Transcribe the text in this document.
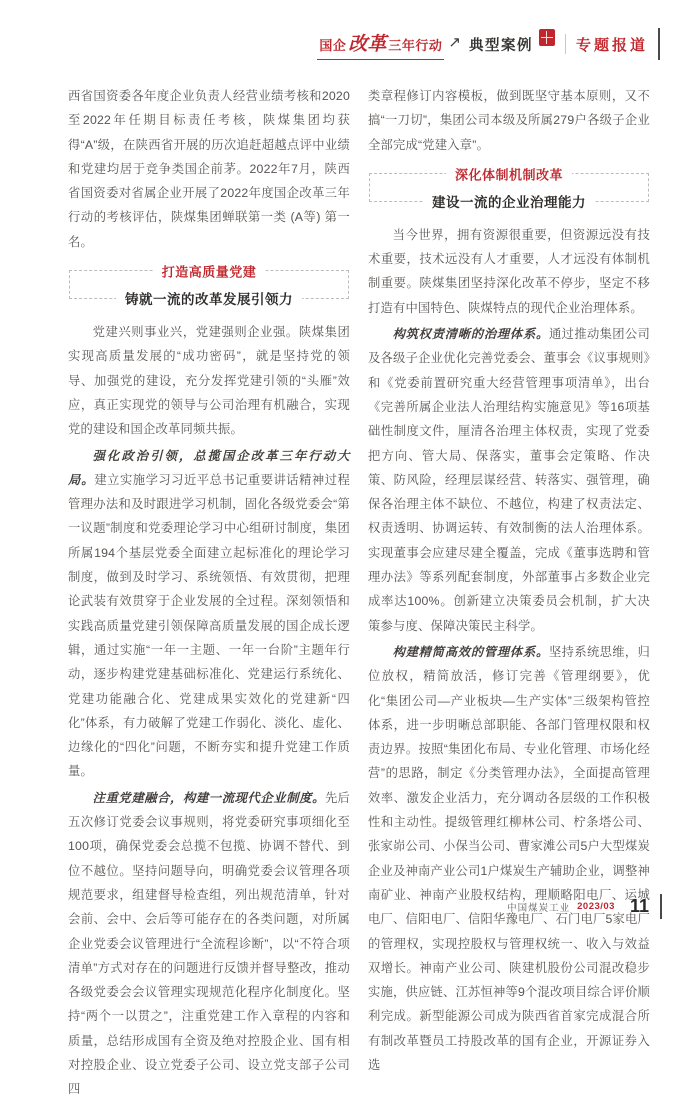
国企 改革 三年行动 ↗ 典型案例	专题报道

西省国资委各年度企业负责人经营业绩考核和2020至2022年任期目标责任考核，陕煤集团均获得“A”级，在陕西省开展的历次追赶超越点评中业绩和党建均居于竞争类国企前茅。2022年7月，陕西省国资委对省属企业开展了2022年度国企改革三年行动的考核评估，陕煤集团蝉联第一类 (A等) 第一名。

打造高质量党建
铸就一流的改革发展引领力

党建兴则事业兴，党建强则企业强。陕煤集团实现高质量发展的“成功密码”，就是坚持党的领导、加强党的建设，充分发挥党建引领的“头雁”效应，真正实现党的领导与公司治理有机融合，实现党的建设和国企改革同频共振。

强化政治引领，总揽国企改革三年行动大局。建立实施学习习近平总书记重要讲话精神过程管理办法和及时跟进学习机制，固化各级党委会“第一议题”制度和党委理论学习中心组研讨制度，集团所属194个基层党委全面建立起标准化的理论学习制度，做到及时学习、系统领悟、有效贯彻，把理论武装有效贯穿于企业发展的全过程。深刻领悟和实践高质量党建引领保障高质量发展的国企成长逻辑，通过实施“一年一主题、一年一台阶”主题年行动，逐步构建党建基础标准化、党建运行系统化、党建功能融合化、党建成果实效化的党建新“四化”体系，有力破解了党建工作弱化、淡化、虚化、边缘化的“四化”问题，不断夯实和提升党建工作质量。

注重党建融合，构建一流现代企业制度。先后五次修订党委会议事规则，将党委研究事项细化至100项，确保党委会总揽不包揽、协调不替代、到位不越位。坚持问题导向，明确党委会议管理各项规范要求，组建督导检查组，列出规范清单，针对会前、会中、会后等可能存在的各类问题，对所属企业党委会议管理进行“全流程诊断”，以“不符合项清单”方式对存在的问题进行反馈并督导整改，推动各级党委会会议管理实现规范化程序化制度化。坚持“两个一以贯之”，注重党建工作入章程的内容和质量，总结形成国有全资及绝对控股企业、国有相对控股企业、设立党委子公司、设立党支部子公司四

类章程修订内容模板，做到既坚守基本原则，又不搞“一刀切”，集团公司本级及所属279户各级子企业全部完成“党建入章”。

深化体制机制改革
建设一流的企业治理能力

当今世界，拥有资源很重要，但资源远没有技术重要，技术远没有人才重要，人才远没有体制机制重要。陕煤集团坚持深化改革不停步，坚定不移打造有中国特色、陕煤特点的现代企业治理体系。

构筑权责清晰的治理体系。通过推动集团公司及各级子企业优化完善党委会、董事会《议事规则》和《党委前置研究重大经营管理事项清单》，出台《完善所属企业法人治理结构实施意见》等16项基础性制度文件，厘清各治理主体权责，实现了党委把方向、管大局、保落实，董事会定策略、作决策、防风险，经理层谋经营、转落实、强管理，确保各治理主体不缺位、不越位，构建了权责法定、权责透明、协调运转、有效制衡的法人治理体系。实现董事会应建尽建全覆盖，完成《董事选聘和管理办法》等系列配套制度，外部董事占多数企业完成率达100%。创新建立决策委员会机制，扩大决策参与度、保障决策民主科学。

构建精简高效的管理体系。坚持系统思维，归位放权，精简放活，修订完善《管理纲要》，优化“集团公司—产业板块—生产实体”三级架构管控体系，进一步明晰总部职能、各部门管理权限和权责边界。按照“集团化布局、专业化管理、市场化经营”的思路，制定《分类管理办法》，全面提高管理效率、激发企业活力，充分调动各层级的工作积极性和主动性。提级管理红柳林公司、柠条塔公司、张家峁公司、小保当公司、曹家滩公司5户大型煤炭企业及神南产业公司1户煤炭生产辅助企业，调整神南矿业、神南产业股权结构，理顺略阳电厂、运城电厂、信阳电厂、信阳华豫电厂、石门电厂5家电厂的管理权，实现控股权与管理权统一、收入与效益双增长。神南产业公司、陕建机股份公司混改稳步实施，供应链、江苏恒神等9个混改项目综合评价顺利完成。新型能源公司成为陕西省首家完成混合所有制改革暨员工持股改革的国有企业，开源证券入选

中国煤炭工业 2023/03 11
